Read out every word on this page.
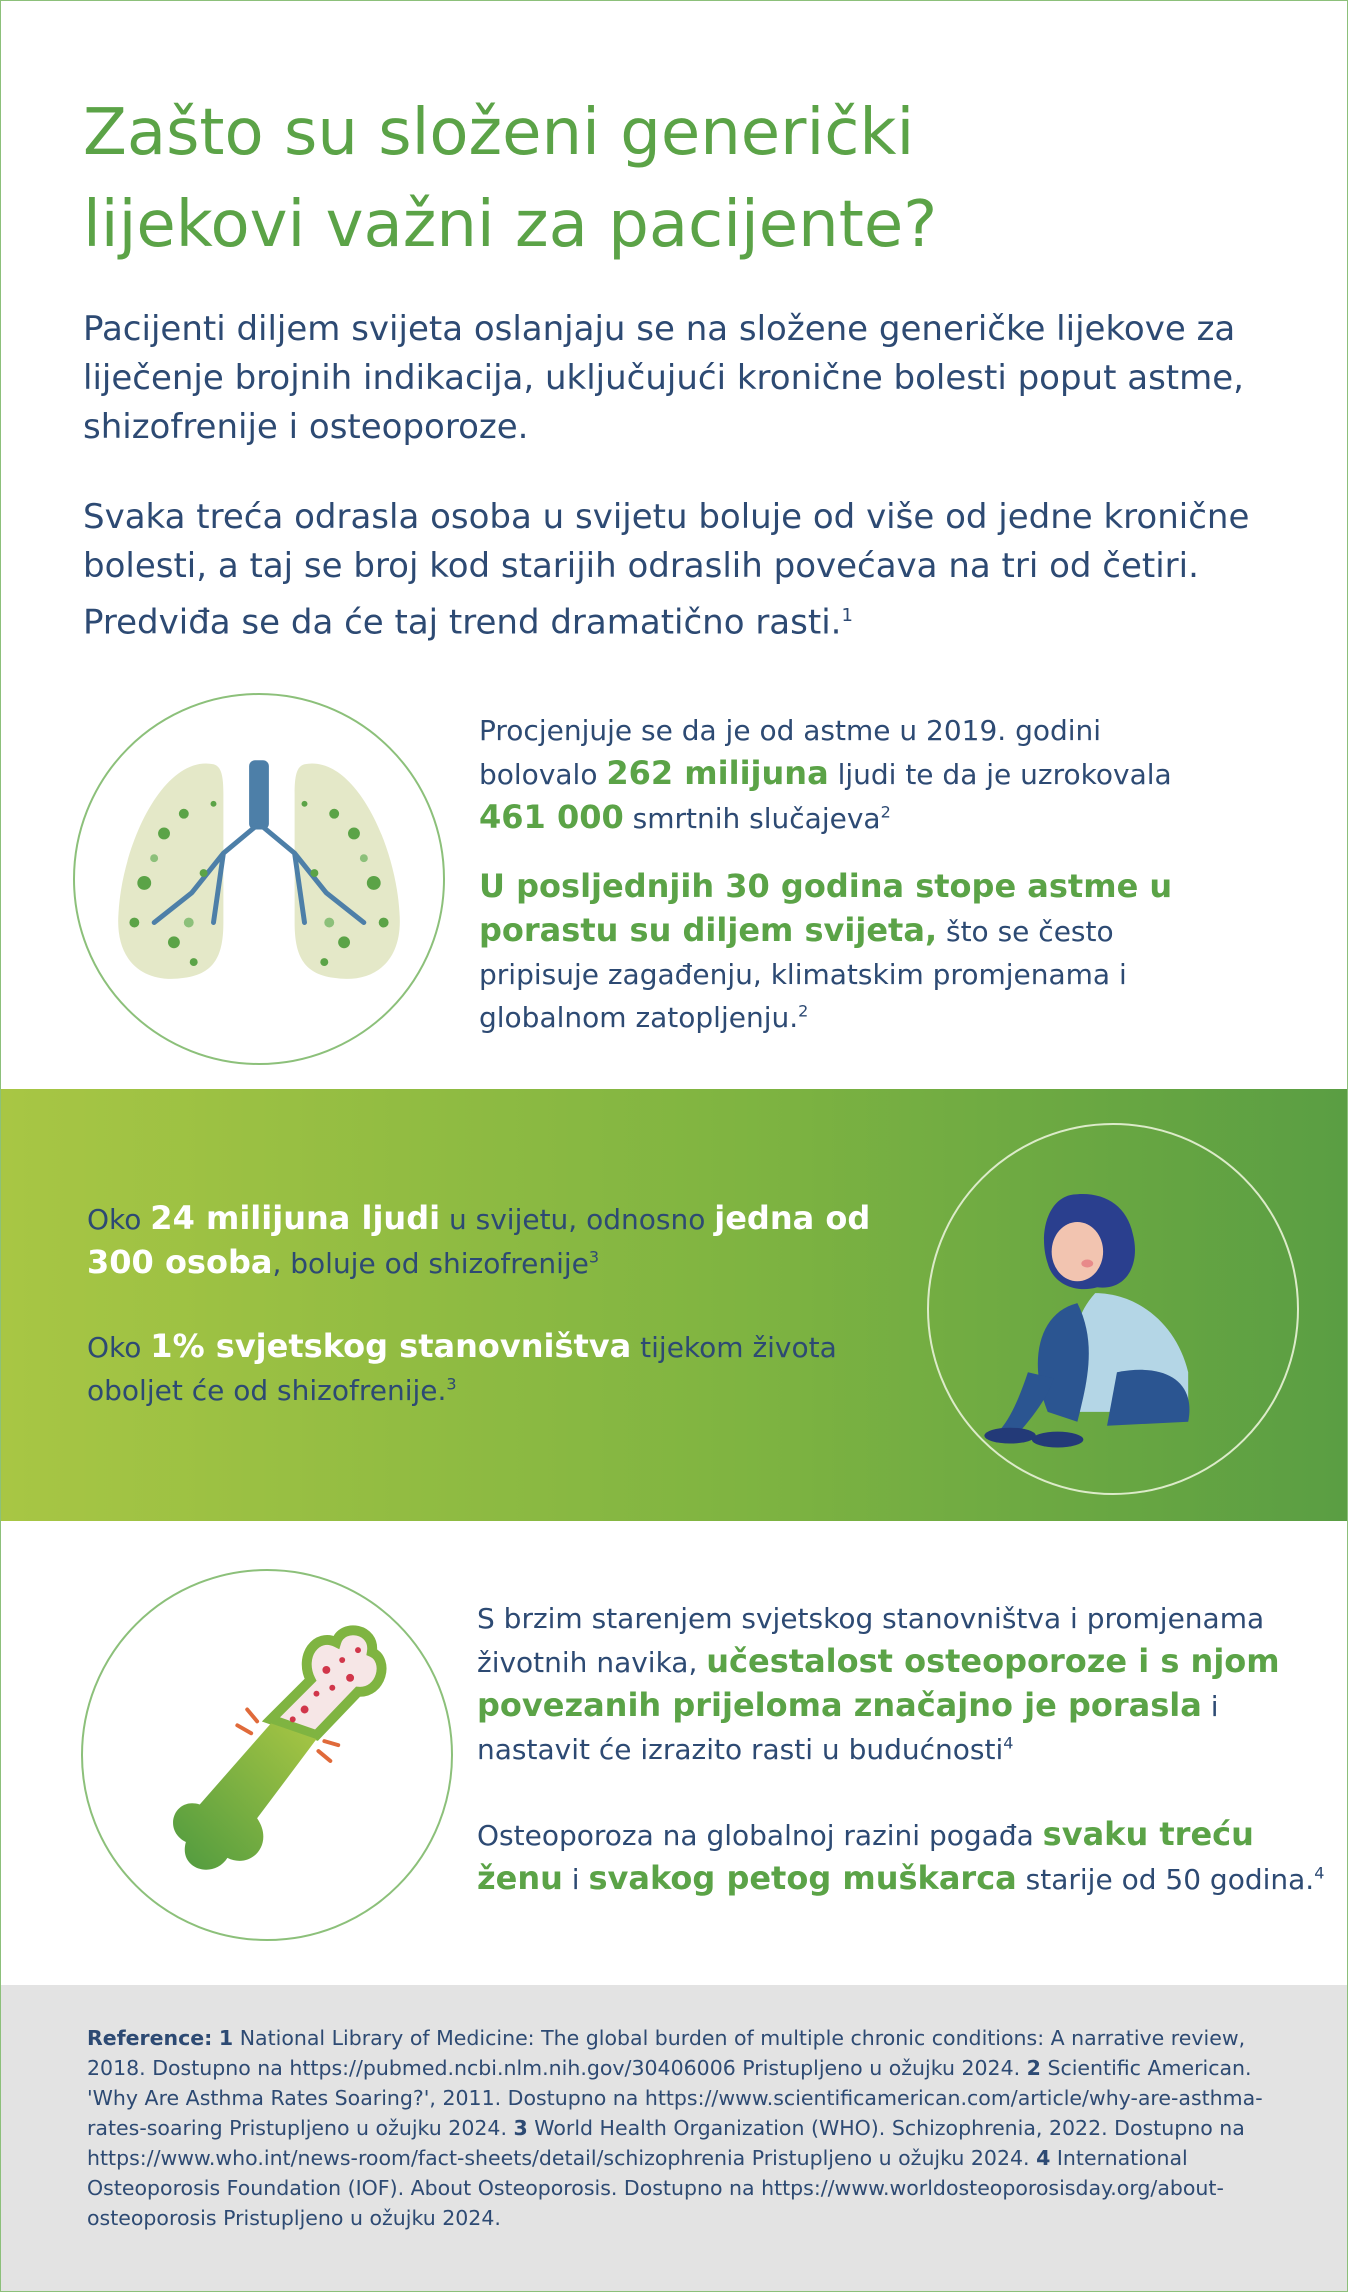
Zašto su složeni generički
lijekovi važni za pacijente?

Pacijenti diljem svijeta oslanjaju se na složene generičke lijekove za liječenje brojnih indikacija, uključujući kronične bolesti poput astme, shizofrenije i osteoporoze.

Svaka treća odrasla osoba u svijetu boluje od više od jedne kronične bolesti, a taj se broj kod starijih odraslih povećava na tri od četiri. Predviđa se da će taj trend dramatično rasti.$^1$

Procjenjuje se da je od astme u 2019. godini bolovalo 262 milijuna ljudi te da je uzrokovala 461 000 smrtnih slučajeva$^2$

U posljednjih 30 godina stope astme u porastu su diljem svijeta, što se često pripisuje zagađenju, klimatskim promjenama i globalnom zatopljenju.$^2$

Oko 24 milijuna ljudi u svijetu, odnosno jedna od 300 osoba, boluje od shizofrenije$^3$

Oko 1% svjetskog stanovništva tijekom života oboljet će od shizofrenije.$^3$

S brzim starenjem svjetskog stanovništva i promjenama životnih navika, učestalost osteoporoze i s njom povezanih prijeloma značajno je porasla i nastavit će izrazito rasti u budućnosti$^4$

Osteoporoza na globalnoj razini pogađa svaku treću ženu i svakog petog muškarca starije od 50 godina.$^4$

Reference: 1 National Library of Medicine: The global burden of multiple chronic conditions: A narrative review, 2018. Dostupno na https://pubmed.ncbi.nlm.nih.gov/30406006 Pristupljeno u ožujku 2024. 2 Scientific American. 'Why Are Asthma Rates Soaring?', 2011. Dostupno na https://www.scientificamerican.com/article/why-are-asthma-rates-soaring Pristupljeno u ožujku 2024. 3 World Health Organization (WHO). Schizophrenia, 2022. Dostupno na https://www.who.int/news-room/fact-sheets/detail/schizophrenia Pristupljeno u ožujku 2024. 4 International Osteoporosis Foundation (IOF). About Osteoporosis. Dostupno na https://www.worldosteoporosisday.org/about-osteoporosis Pristupljeno u ožujku 2024.
